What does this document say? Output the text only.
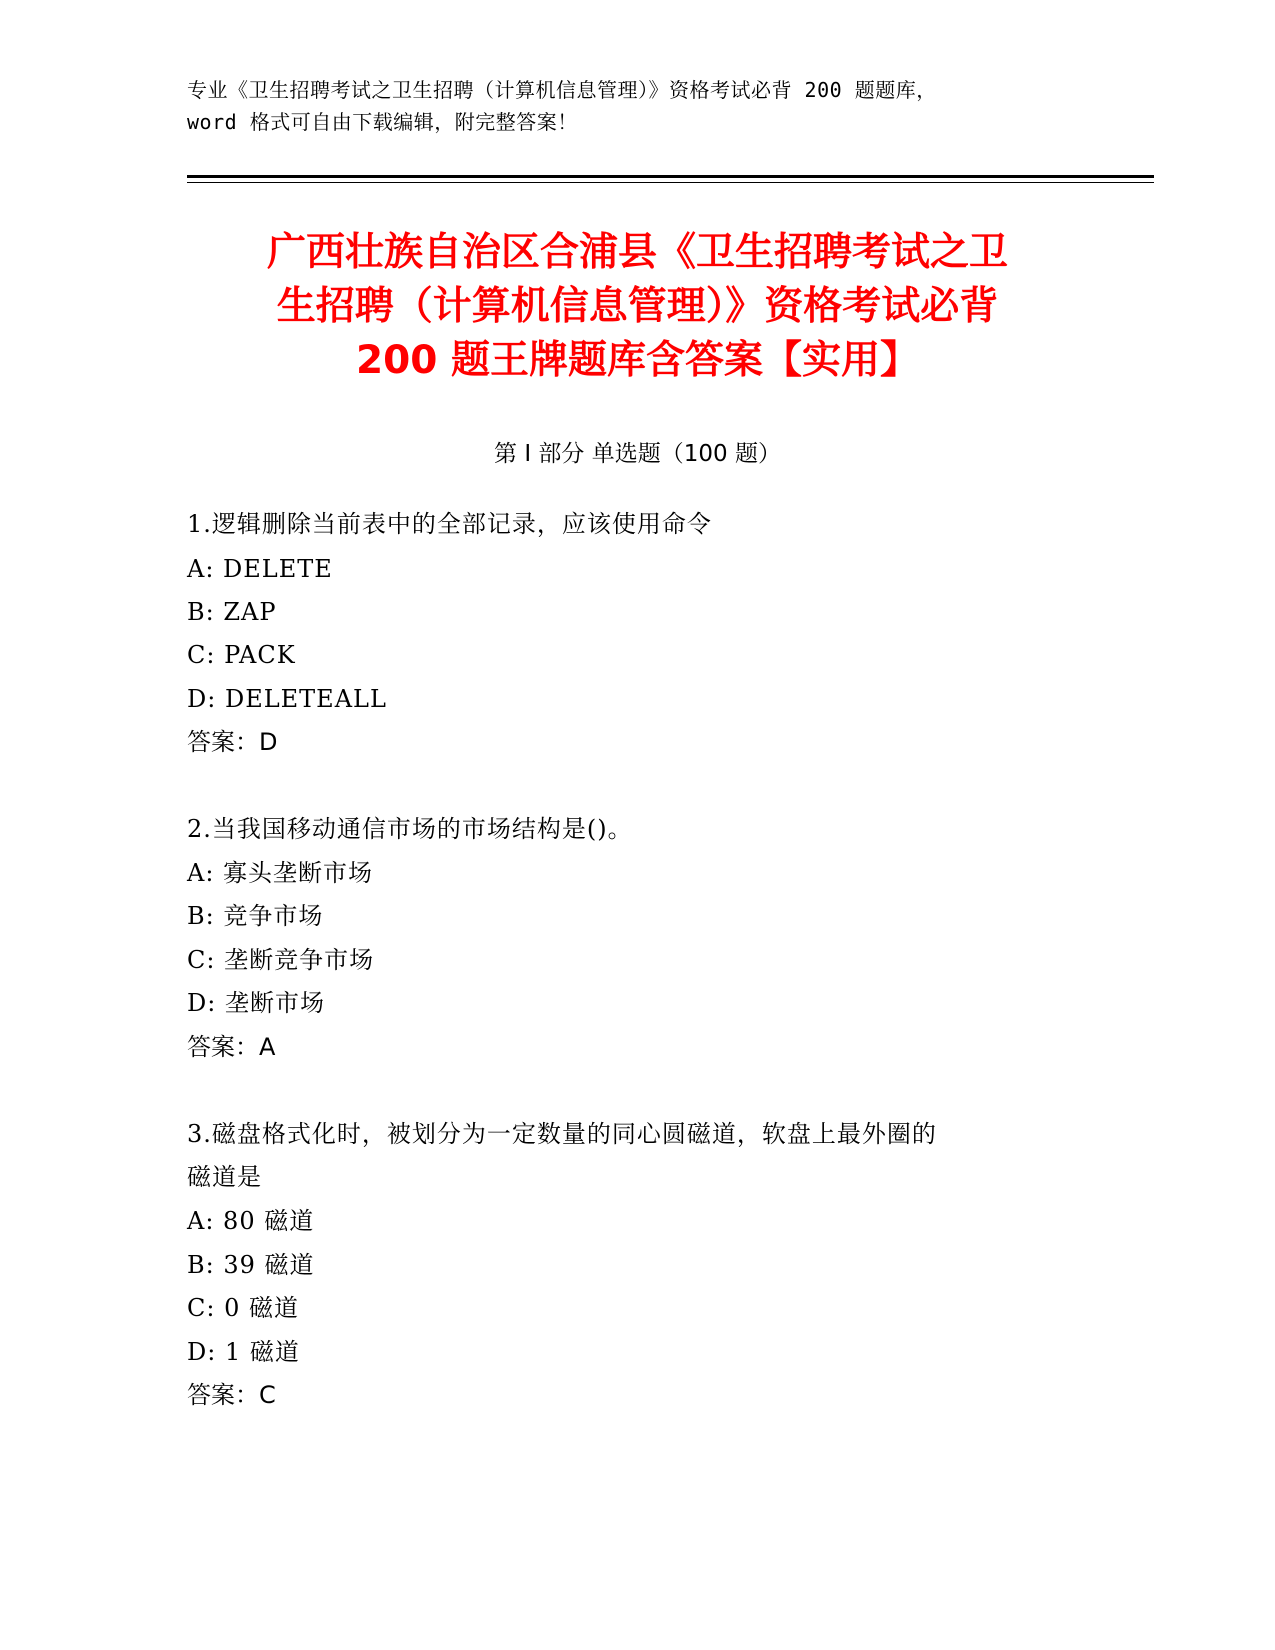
专业《卫生招聘考试之卫生招聘（计算机信息管理）》资格考试必背 200 题题库，
word 格式可自由下载编辑，附完整答案！
广西壮族自治区合浦县《卫生招聘考试之卫
生招聘（计算机信息管理）》资格考试必背
200 题王牌题库含答案【实用】
第 I 部分 单选题（100 题）
1.逻辑删除当前表中的全部记录，应该使用命令
A: DELETE
B: ZAP
C: PACK
D: DELETEALL
答案：D
2.当我国移动通信市场的市场结构是()。
A: 寡头垄断市场
B: 竞争市场
C: 垄断竞争市场
D: 垄断市场
答案：A
3.磁盘格式化时，被划分为一定数量的同心圆磁道，软盘上最外圈的
磁道是
A: 80 磁道
B: 39 磁道
C: 0 磁道
D: 1 磁道
答案：C
